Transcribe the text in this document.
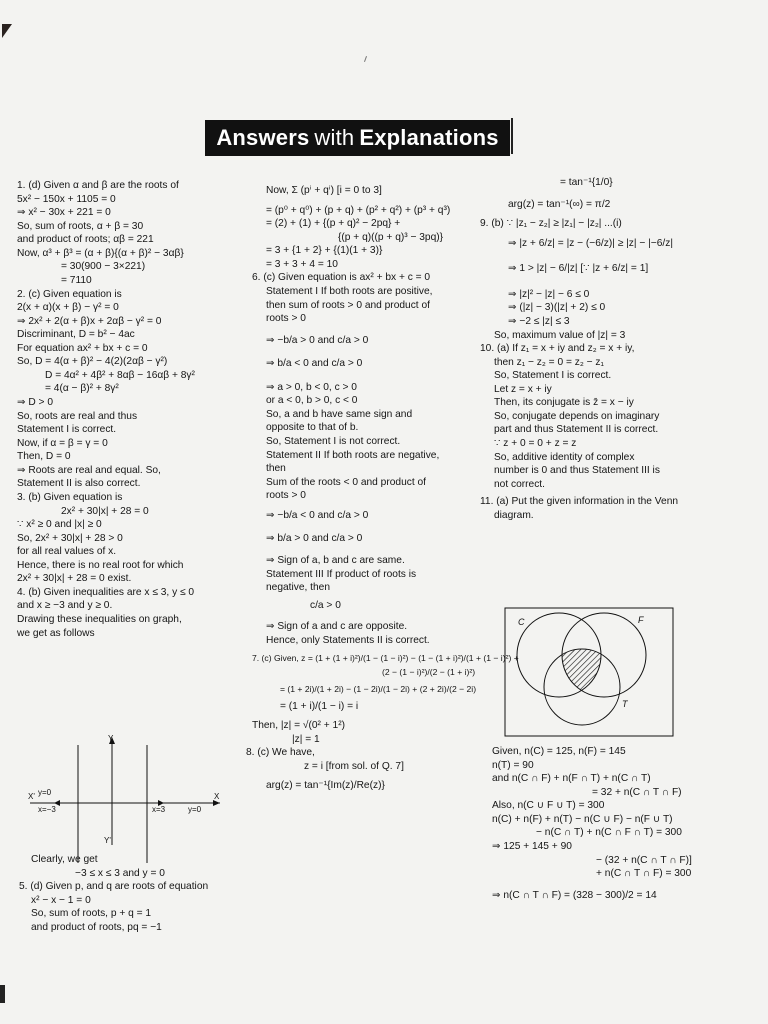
Answers with Explanations
1. (d) Given α and β are the roots of
5x² − 150x + 1105 = 0
⇒ x² − 30x + 221 = 0
So, sum of roots, α + β = 30
and product of roots; αβ = 221
Now, α³ + β³ = (α + β){(α + β)² − 3αβ}
= 30(900 − 3×221)
= 7110
2. (c) Given equation is
2(x + α)(x + β) − γ² = 0
⇒ 2x² + 2(α + β)x + 2αβ − γ² = 0
Discriminant, D = b² − 4ac
For equation ax² + bx + c = 0
So, D = 4(α + β)² − 4(2)(2αβ − γ²)
D = 4α² + 4β² + 8αβ − 16αβ + 8γ²
= 4(α − β)² + 8γ²
⇒ D > 0
So, roots are real and thus
Statement I is correct.
Now, if α = β = γ = 0
Then, D = 0
⇒ Roots are real and equal. So,
Statement II is also correct.
3. (b) Given equation is
2x² + 30|x| + 28 = 0
∵ x² ≥ 0 and |x| ≥ 0
So, 2x² + 30|x| + 28 > 0
for all real values of x.
Hence, there is no real root for which
2x² + 30|x| + 28 = 0 exist.
4. (b) Given inequalities are x ≤ 3, y ≤ 0
and x ≥ −3 and y ≥ 0.
Drawing these inequalities on graph,
we get as follows
Y
X
X'
Y'
y=0
x=−3	x=3	y=0
Clearly, we get
−3 ≤ x ≤ 3 and y = 0
5. (d) Given p, and q are roots of equation
x² − x − 1 = 0
So, sum of roots, p + q = 1
and product of roots, pq = −1
Now, Σ (pⁱ + qⁱ) [i = 0 to 3]
= (p⁰ + q⁰) + (p + q) + (p² + q²) + (p³ + q³)
= (2) + (1) + {(p + q)² − 2pq} +
{(p + q)((p + q)³ − 3pq)}
= 3 + {1 + 2} + {(1)(1 + 3)}
= 3 + 3 + 4 = 10
6. (c) Given equation is ax² + bx + c = 0
Statement I If both roots are positive,
then sum of roots > 0 and product of
roots > 0
⇒ −b/a > 0 and c/a > 0
⇒ b/a < 0 and c/a > 0
⇒ a > 0, b < 0, c > 0
or a < 0, b > 0, c < 0
So, a and b have same sign and
opposite to that of b.
So, Statement I is not correct.
Statement II If both roots are negative,
then
Sum of the roots < 0 and product of
roots > 0
⇒ −b/a < 0 and c/a > 0
⇒ b/a > 0 and c/a > 0
⇒ Sign of a, b and c are same.
Statement III If product of roots is
negative, then
c/a > 0
⇒ Sign of a and c are opposite.
Hence, only Statements II is correct.
7. (c) Given, z = (1 + (1 + i)²)/(1 − (1 − i)²) − (1 − (1 + i)²)/(1 + (1 − i)²) +
(2 − (1 − i)²)/(2 − (1 + i)²)
= (1 + 2i)/(1 + 2i) − (1 − 2i)/(1 − 2i) + (2 + 2i)/(2 − 2i)
= (1 + i)/(1 − i) = i
Then, |z| = √(0² + 1²)
|z| = 1
8. (c) We have,
z = i [from sol. of Q. 7]
arg(z) = tan⁻¹{Im(z)/Re(z)}
= tan⁻¹{1/0}
arg(z) = tan⁻¹(∞) = π/2
9. (b) ∵ |z₁ − z₂| ≥ |z₁| − |z₂| ...(i)
⇒ |z + 6/z| = |z − (−6/z)| ≥ |z| − |−6/z|
⇒ 1 > |z| − 6/|z| [∵ |z + 6/z| = 1]
⇒ |z|² − |z| − 6 ≤ 0
⇒ (|z| − 3)(|z| + 2) ≤ 0
⇒ −2 ≤ |z| ≤ 3
So, maximum value of |z| = 3
10. (a) If z₁ = x + iy and z₂ = x + iy,
then z₁ − z₂ = 0 = z₂ − z₁
So, Statement I is correct.
Let z = x + iy
Then, its conjugate is z̄ = x − iy
So, conjugate depends on imaginary
part and thus Statement II is correct.
∵ z + 0 = 0 + z = z
So, additive identity of complex
number is 0 and thus Statement III is
not correct.
11. (a) Put the given information in the Venn
diagram.
C	F
T
Given, n(C) = 125, n(F) = 145
n(T) = 90
and n(C ∩ F) + n(F ∩ T) + n(C ∩ T)
= 32 + n(C ∩ T ∩ F)
Also, n(C ∪ F ∪ T) = 300
n(C) + n(F) + n(T) − n(C ∪ F) − n(F ∪ T)
− n(C ∩ T) + n(C ∩ F ∩ T) = 300
⇒ 125 + 145 + 90
− (32 + n(C ∩ T ∩ F)]
+ n(C ∩ T ∩ F) = 300
⇒ n(C ∩ T ∩ F) = (328 − 300)/2 = 14
